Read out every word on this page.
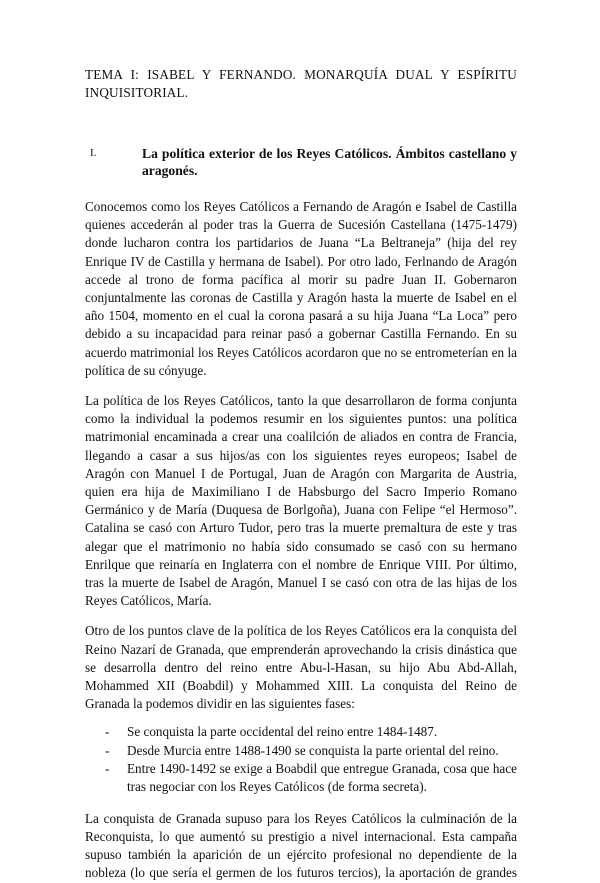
TEMA I: ISABEL Y FERNANDO. MONARQUÍA DUAL Y ESPÍRITU
INQUISITORIAL.
I.	La política exterior de los Reyes Católicos. Ámbitos castellano y
aragonés.
Conocemos como los Reyes Católicos a Fernando de Aragón e Isabel de Castilla
quienes accederán al poder tras la Guerra de Sucesión Castellana (1475-1479)
donde lucharon contra los partidarios de Juana “La Beltraneja” (hija del rey
Enrique IV de Castilla y hermana de Isabel). Por otro lado, Ferlnando de Aragón
accede al trono de forma pacífica al morir su padre Juan II. Gobernaron
conjuntalmente las coronas de Castilla y Aragón hasta la muerte de Isabel en el
año 1504, momento en el cual la corona pasará a su hija Juana “La Loca” pero
debido a su incapacidad para reinar pasó a gobernar Castilla Fernando. En su
acuerdo matrimonial los Reyes Católicos acordaron que no se entrometerían en la
política de su cónyuge.
La política de los Reyes Católicos, tanto la que desarrollaron de forma conjunta
como la individual la podemos resumir en los siguientes puntos: una política
matrimonial encaminada a crear una coalilción de aliados en contra de Francia,
llegando a casar a sus hijos/as con los siguientes reyes europeos; Isabel de
Aragón con Manuel I de Portugal, Juan de Aragón con Margarita de Austria,
quien era hija de Maximiliano I de Habsburgo del Sacro Imperio Romano
Germánico y de María (Duquesa de Borlgoña), Juana con Felipe “el Hermoso”.
Catalina se casó con Arturo Tudor, pero tras la muerte premaltura de este y tras
alegar que el matrimonio no había sido consumado se casó con su hermano
Enrilque que reinaría en Inglaterra con el nombre de Enrique VIII. Por último,
tras la muerte de Isabel de Aragón, Manuel I se casó con otra de las hijas de los
Reyes Católicos, María.
Otro de los puntos clave de la política de los Reyes Católicos era la conquista del
Reino Nazarí de Granada, que emprenderán aprovechando la crisis dinástica que
se desarrolla dentro del reino entre Abu-l-Hasan, su hijo Abu Abd-Allah,
Mohammed XII (Boabdil) y Mohammed XIII. La conquista del Reino de
Granada la podemos dividir en las siguientes fases:
-	Se conquista la parte occidental del reino entre 1484-1487.
-	Desde Murcia entre 1488-1490 se conquista la parte oriental del reino.
-	Entre 1490-1492 se exige a Boabdil que entregue Granada, cosa que hace
tras negociar con los Reyes Católicos (de forma secreta).
La conquista de Granada supuso para los Reyes Católicos la culminación de la
Reconquista, lo que aumentó su prestigio a nivel internacional. Esta campaña
supuso también la aparición de un ejército profesional no dependiente de la
nobleza (lo que sería el germen de los futuros tercios), la aportación de grandes
